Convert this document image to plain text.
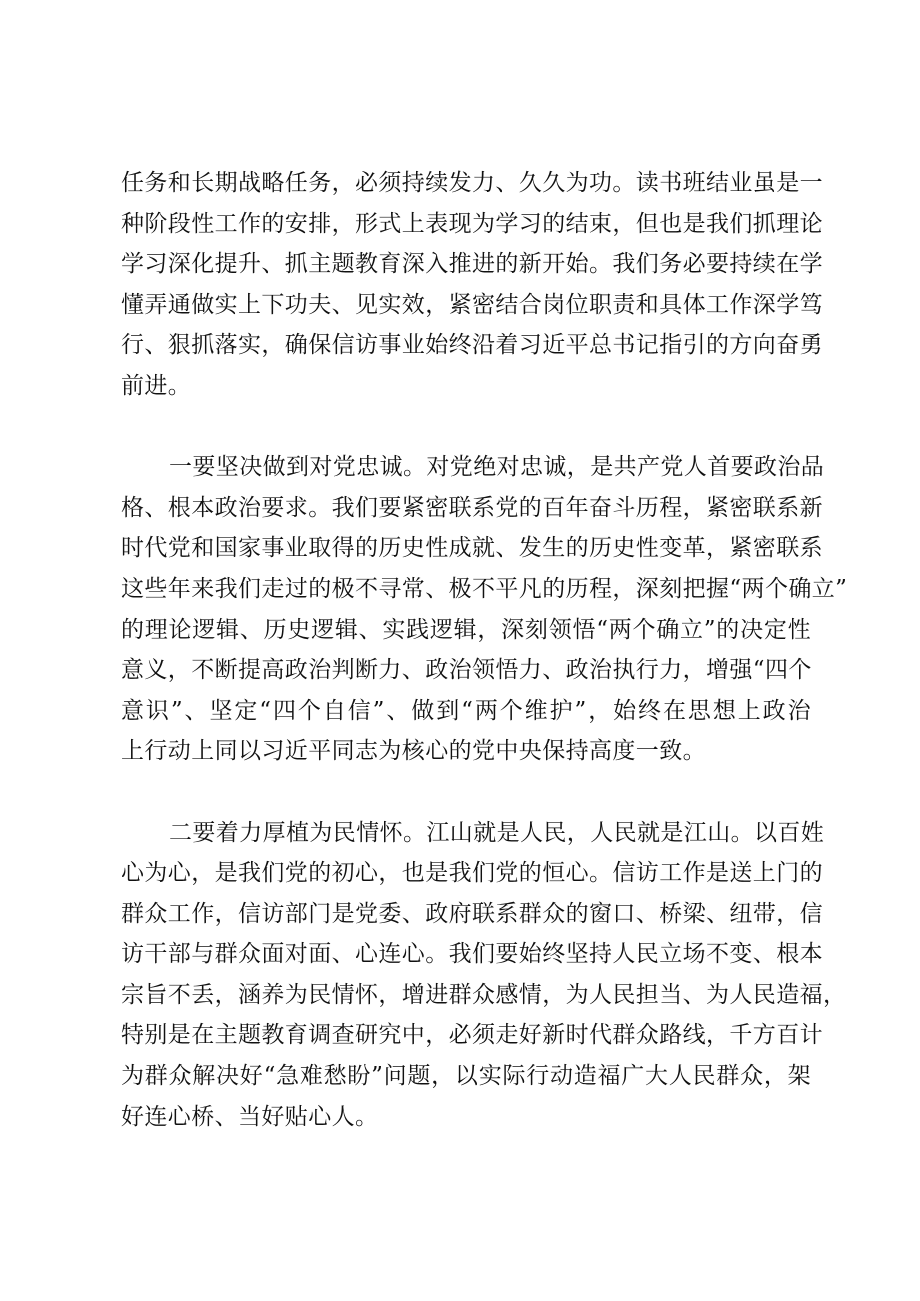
任务和长期战略任务，必须持续发力、久久为功。读书班结业虽是一
种阶段性工作的安排，形式上表现为学习的结束，但也是我们抓理论
学习深化提升、抓主题教育深入推进的新开始。我们务必要持续在学
懂弄通做实上下功夫、见实效，紧密结合岗位职责和具体工作深学笃
行、狠抓落实，确保信访事业始终沿着习近平总书记指引的方向奋勇
前进。
一要坚决做到对党忠诚。对党绝对忠诚，是共产党人首要政治品
格、根本政治要求。我们要紧密联系党的百年奋斗历程，紧密联系新
时代党和国家事业取得的历史性成就、发生的历史性变革，紧密联系
这些年来我们走过的极不寻常、极不平凡的历程，深刻把握“两个确立”
的理论逻辑、历史逻辑、实践逻辑，深刻领悟“两个确立”的决定性
意义，不断提高政治判断力、政治领悟力、政治执行力，增强“四个
意识”、坚定“四个自信”、做到“两个维护”，始终在思想上政治
上行动上同以习近平同志为核心的党中央保持高度一致。
二要着力厚植为民情怀。江山就是人民，人民就是江山。以百姓
心为心，是我们党的初心，也是我们党的恒心。信访工作是送上门的
群众工作，信访部门是党委、政府联系群众的窗口、桥梁、纽带，信
访干部与群众面对面、心连心。我们要始终坚持人民立场不变、根本
宗旨不丢，涵养为民情怀，增进群众感情，为人民担当、为人民造福，
特别是在主题教育调查研究中，必须走好新时代群众路线，千方百计
为群众解决好“急难愁盼”问题，以实际行动造福广大人民群众，架
好连心桥、当好贴心人。
